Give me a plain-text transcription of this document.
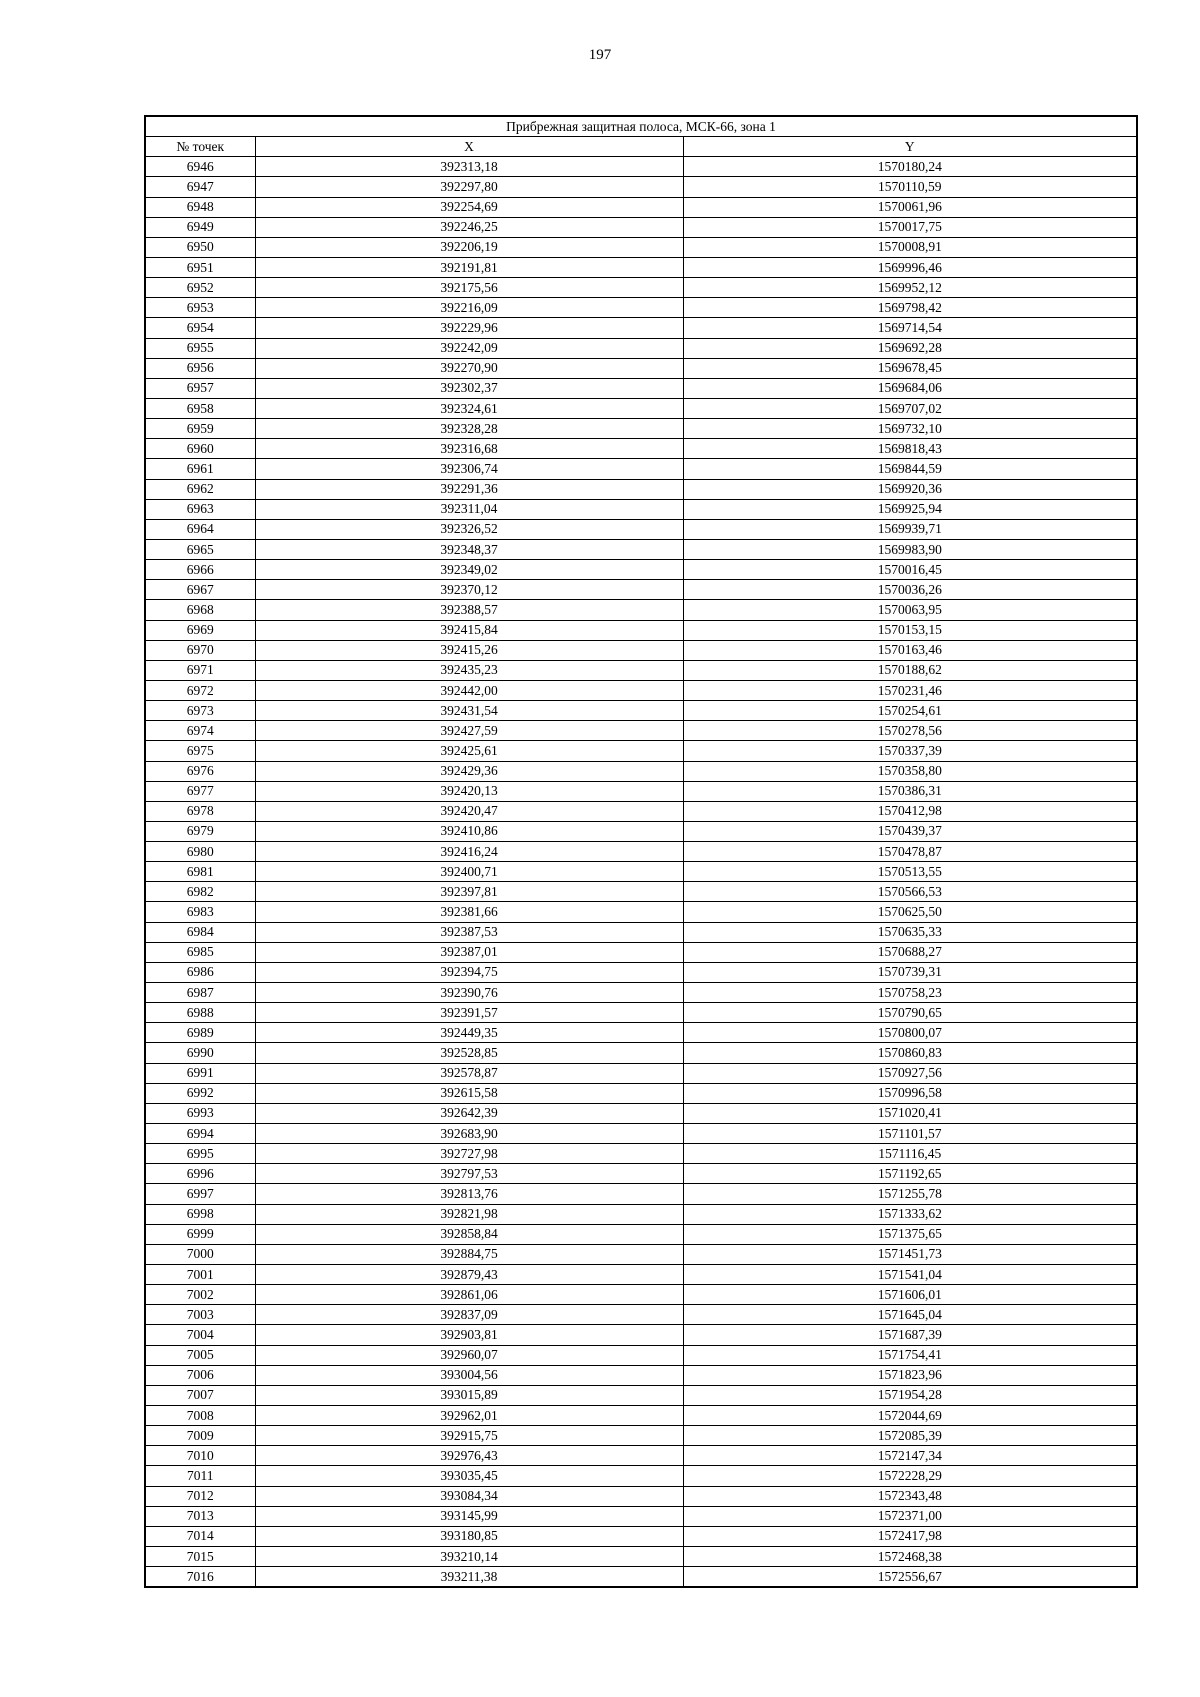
197
Прибрежная защитная полоса, МСК-66, зона 1		
№ точек	X	Y
6946	392313,18	1570180,24
6947	392297,80	1570110,59
6948	392254,69	1570061,96
6949	392246,25	1570017,75
6950	392206,19	1570008,91
6951	392191,81	1569996,46
6952	392175,56	1569952,12
6953	392216,09	1569798,42
6954	392229,96	1569714,54
6955	392242,09	1569692,28
6956	392270,90	1569678,45
6957	392302,37	1569684,06
6958	392324,61	1569707,02
6959	392328,28	1569732,10
6960	392316,68	1569818,43
6961	392306,74	1569844,59
6962	392291,36	1569920,36
6963	392311,04	1569925,94
6964	392326,52	1569939,71
6965	392348,37	1569983,90
6966	392349,02	1570016,45
6967	392370,12	1570036,26
6968	392388,57	1570063,95
6969	392415,84	1570153,15
6970	392415,26	1570163,46
6971	392435,23	1570188,62
6972	392442,00	1570231,46
6973	392431,54	1570254,61
6974	392427,59	1570278,56
6975	392425,61	1570337,39
6976	392429,36	1570358,80
6977	392420,13	1570386,31
6978	392420,47	1570412,98
6979	392410,86	1570439,37
6980	392416,24	1570478,87
6981	392400,71	1570513,55
6982	392397,81	1570566,53
6983	392381,66	1570625,50
6984	392387,53	1570635,33
6985	392387,01	1570688,27
6986	392394,75	1570739,31
6987	392390,76	1570758,23
6988	392391,57	1570790,65
6989	392449,35	1570800,07
6990	392528,85	1570860,83
6991	392578,87	1570927,56
6992	392615,58	1570996,58
6993	392642,39	1571020,41
6994	392683,90	1571101,57
6995	392727,98	1571116,45
6996	392797,53	1571192,65
6997	392813,76	1571255,78
6998	392821,98	1571333,62
6999	392858,84	1571375,65
7000	392884,75	1571451,73
7001	392879,43	1571541,04
7002	392861,06	1571606,01
7003	392837,09	1571645,04
7004	392903,81	1571687,39
7005	392960,07	1571754,41
7006	393004,56	1571823,96
7007	393015,89	1571954,28
7008	392962,01	1572044,69
7009	392915,75	1572085,39
7010	392976,43	1572147,34
7011	393035,45	1572228,29
7012	393084,34	1572343,48
7013	393145,99	1572371,00
7014	393180,85	1572417,98
7015	393210,14	1572468,38
7016	393211,38	1572556,67
